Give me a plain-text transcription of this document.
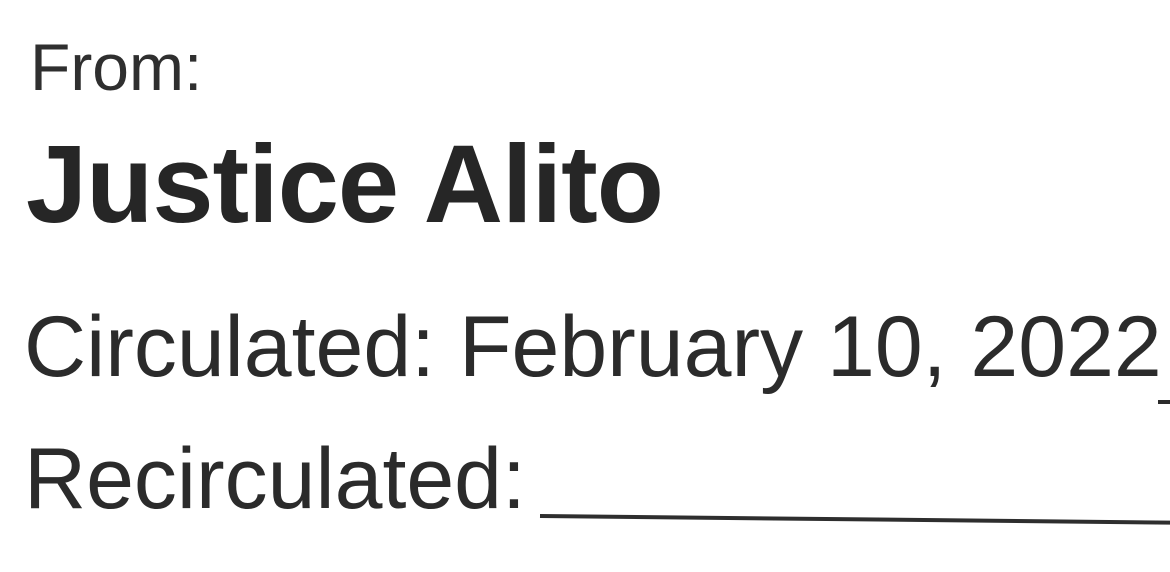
From:
Justice Alito
Circulated: February 10, 2022
Recirculated:
